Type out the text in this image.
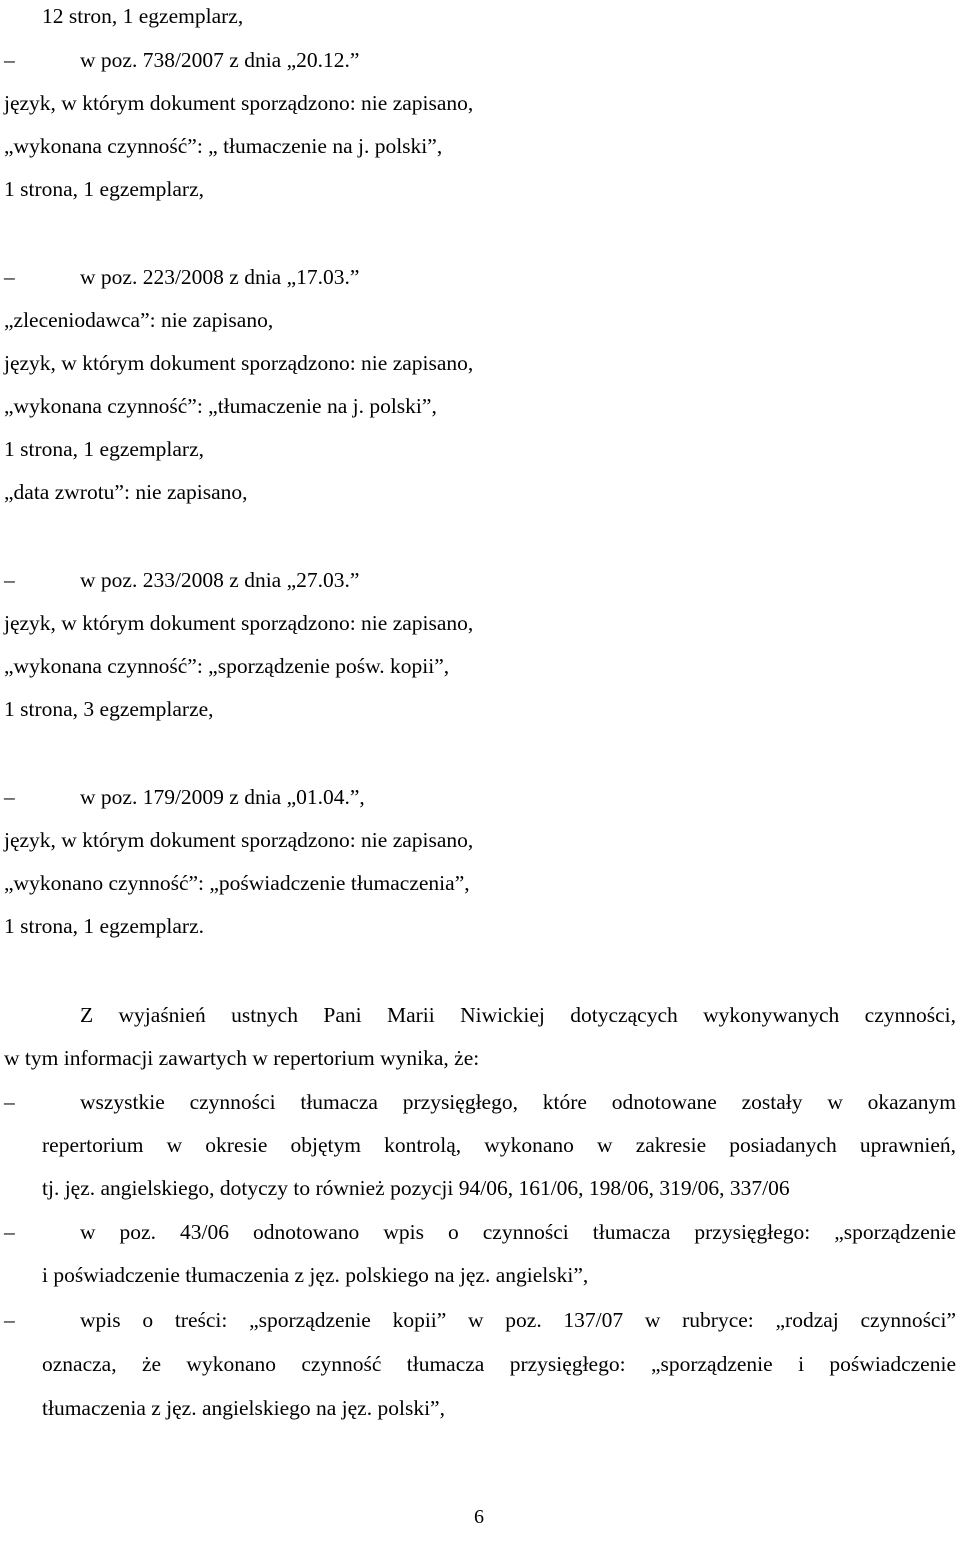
12 stron, 1 egzemplarz,
–	w poz. 738/2007 z dnia „20.12.”
język, w którym dokument sporządzono: nie zapisano,
„wykonana czynność”: „ tłumaczenie na j. polski”,
1 strona, 1 egzemplarz,
–	w poz. 223/2008 z dnia „17.03.”
„zleceniodawca”: nie zapisano,
język, w którym dokument sporządzono: nie zapisano,
„wykonana czynność”: „tłumaczenie na j. polski”,
1 strona, 1 egzemplarz,
„data zwrotu”: nie zapisano,
–	w poz. 233/2008 z dnia „27.03.”
język, w którym dokument sporządzono: nie zapisano,
„wykonana czynność”: „sporządzenie pośw. kopii”,
1 strona, 3 egzemplarze,
–	w poz. 179/2009 z dnia „01.04.”,
język, w którym dokument sporządzono: nie zapisano,
„wykonano czynność”: „poświadczenie tłumaczenia”,
1 strona, 1 egzemplarz.
Z wyjaśnień ustnych Pani Marii Niwickiej dotyczących wykonywanych czynności,
w tym informacji zawartych w repertorium wynika, że:
–	wszystkie czynności tłumacza przysięgłego, które odnotowane zostały w okazanym
repertorium w okresie objętym kontrolą, wykonano w zakresie posiadanych uprawnień,
tj. jęz. angielskiego, dotyczy to również pozycji 94/06, 161/06, 198/06, 319/06, 337/06
–	w poz. 43/06 odnotowano wpis o czynności tłumacza przysięgłego: „sporządzenie
i poświadczenie tłumaczenia z jęz. polskiego na jęz. angielski”,
–	wpis o treści: „sporządzenie kopii” w poz. 137/07 w rubryce: „rodzaj czynności”
oznacza, że wykonano czynność tłumacza przysięgłego: „sporządzenie i poświadczenie
tłumaczenia z jęz. angielskiego na jęz. polski”,
6
